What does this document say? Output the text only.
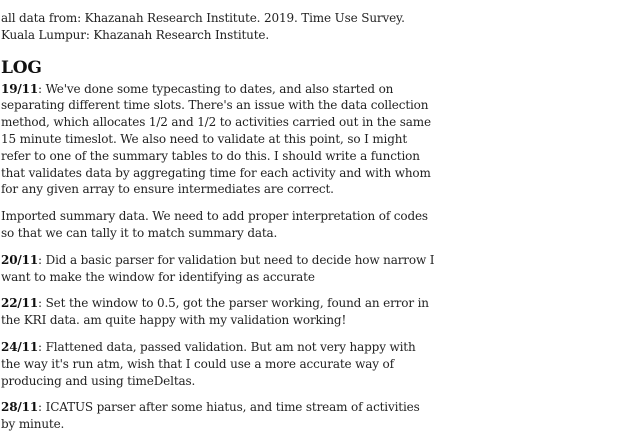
all data from: Khazanah Research Institute. 2019. Time Use Survey. Kuala Lumpur: Khazanah Research Institute.

LOG

19/11: We've done some typecasting to dates, and also started on separating different time slots. There's an issue with the data collection method, which allocates 1/2 and 1/2 to activities carried out in the same 15 minute timeslot. We also need to validate at this point, so I might refer to one of the summary tables to do this. I should write a function that validates data by aggregating time for each activity and with whom for any given array to ensure intermediates are correct.

Imported summary data. We need to add proper interpretation of codes so that we can tally it to match summary data.

20/11: Did a basic parser for validation but need to decide how narrow I want to make the window for identifying as accurate

22/11: Set the window to 0.5, got the parser working, found an error in the KRI data. am quite happy with my validation working!

24/11: Flattened data, passed validation. But am not very happy with the way it's run atm, wish that I could use a more accurate way of producing and using timeDeltas.

28/11: ICATUS parser after some hiatus, and time stream of activities by minute.
